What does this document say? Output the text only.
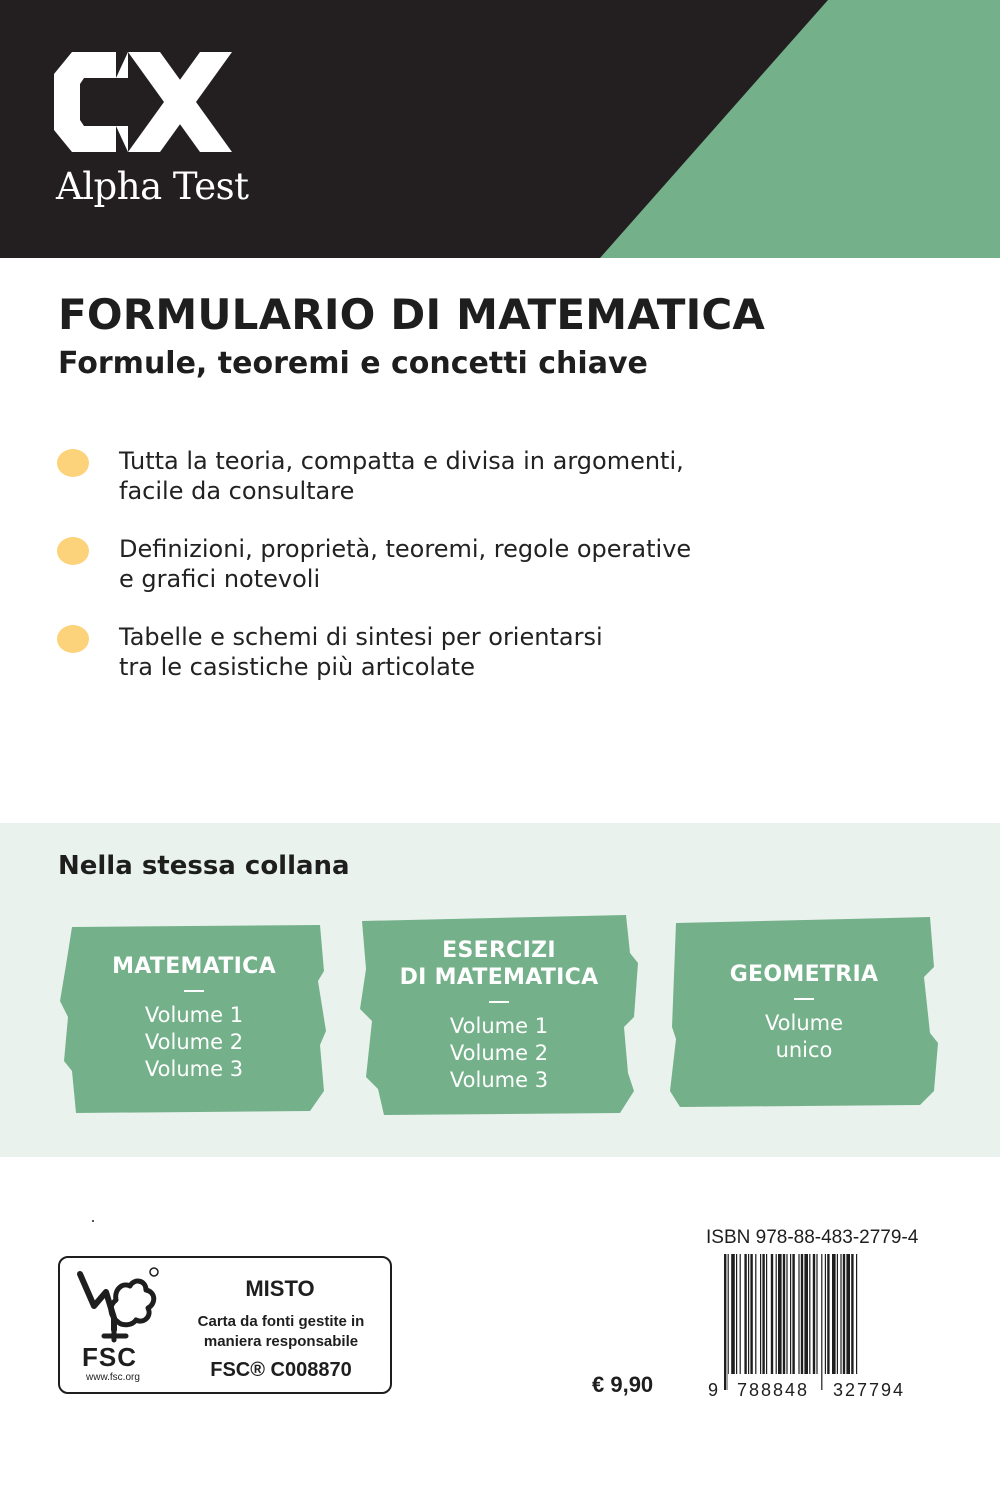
Alpha Test
FORMULARIO DI MATEMATICA
Formule, teoremi e concetti chiave
Tutta la teoria, compatta e divisa in argomenti,
facile da consultare
Definizioni, proprietà, teoremi, regole operative
e grafici notevoli
Tabelle e schemi di sintesi per orientarsi
tra le casistiche più articolate
Nella stessa collana
MATEMATICA
Volume 1
Volume 2
Volume 3
ESERCIZI
DI MATEMATICA
Volume 1
Volume 2
Volume 3
GEOMETRIA
Volume
unico
FSC
www.fsc.org
MISTO
Carta da fonti gestite in
maniera responsabile
FSC® C008870
ISBN 978-88-483-2779-4
9 788848 327794
€ 9,90
